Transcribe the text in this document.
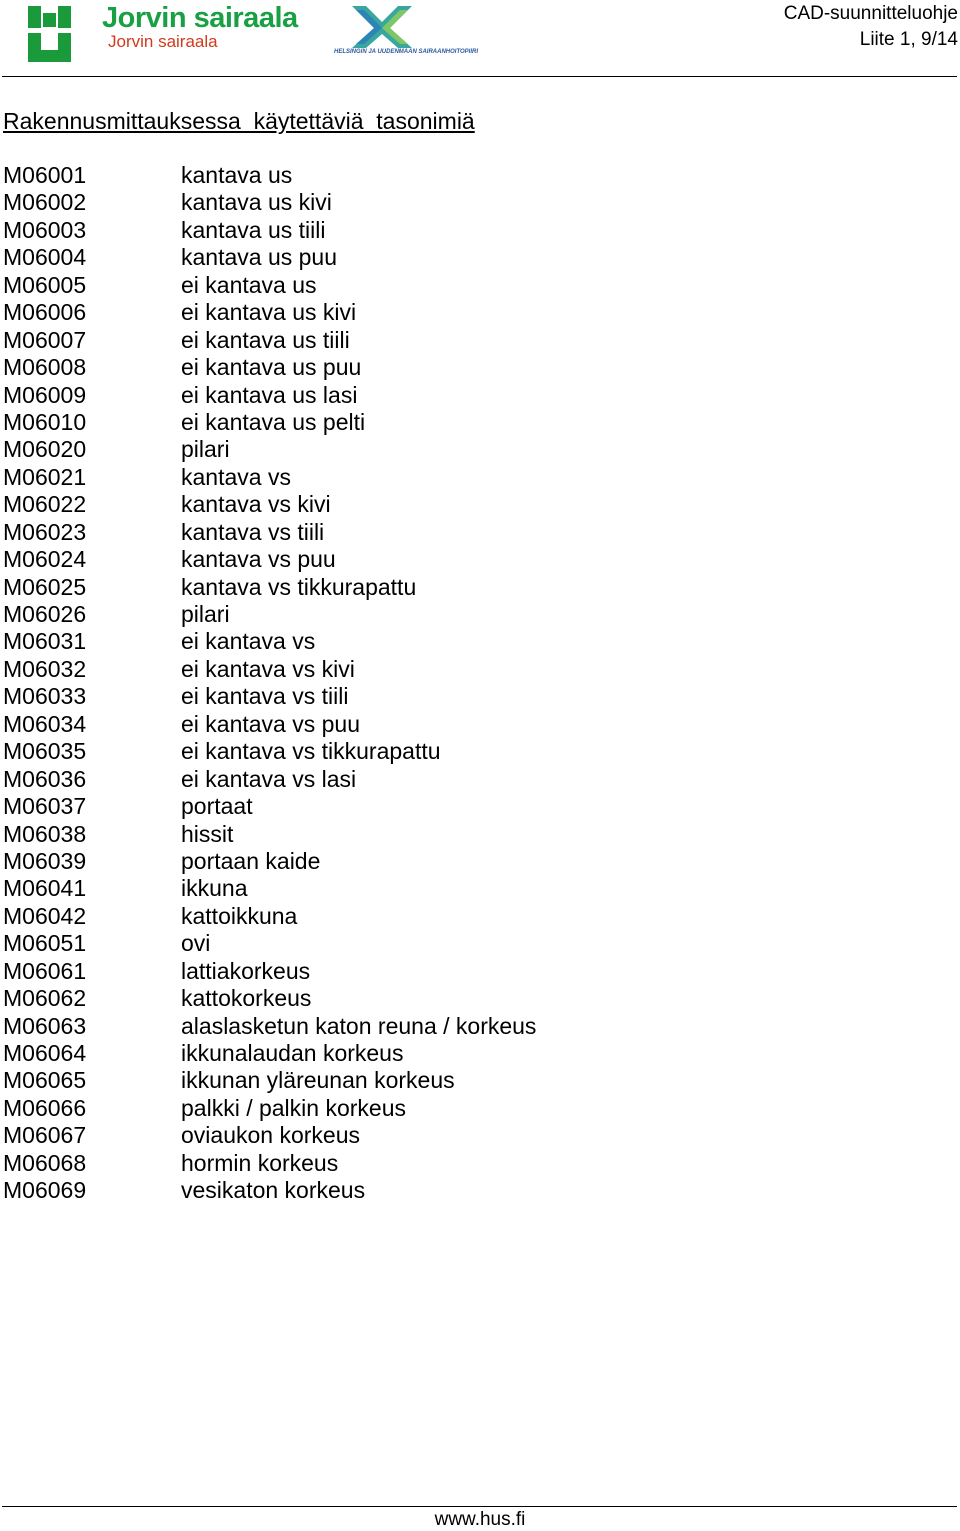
Jorvin sairaala
Jorvin sairaala
HELSINGIN JA UUDENMAAN SAIRAANHOITOPIIRI
CAD-suunnitteluohje
Liite 1, 9/14
Rakennusmittauksessa  käytettäviä  tasonimiä
M06001	kantava us
M06002	kantava us kivi
M06003	kantava us tiili
M06004	kantava us puu
M06005	ei kantava us
M06006	ei kantava us kivi
M06007	ei kantava us tiili
M06008	ei kantava us puu
M06009	ei kantava us lasi
M06010	ei kantava us pelti
M06020	pilari
M06021	kantava vs
M06022	kantava vs kivi
M06023	kantava vs tiili
M06024	kantava vs puu
M06025	kantava vs tikkurapattu
M06026	pilari
M06031	ei kantava vs
M06032	ei kantava vs kivi
M06033	ei kantava vs tiili
M06034	ei kantava vs puu
M06035	ei kantava vs tikkurapattu
M06036	ei kantava vs lasi
M06037	portaat
M06038	hissit
M06039	portaan kaide
M06041	ikkuna
M06042	kattoikkuna
M06051	ovi
M06061	lattiakorkeus
M06062	kattokorkeus
M06063	alaslasketun katon reuna / korkeus
M06064	ikkunalaudan korkeus
M06065	ikkunan yläreunan korkeus
M06066	palkki / palkin korkeus
M06067	oviaukon korkeus
M06068	hormin korkeus
M06069	vesikaton korkeus
www.hus.fi
